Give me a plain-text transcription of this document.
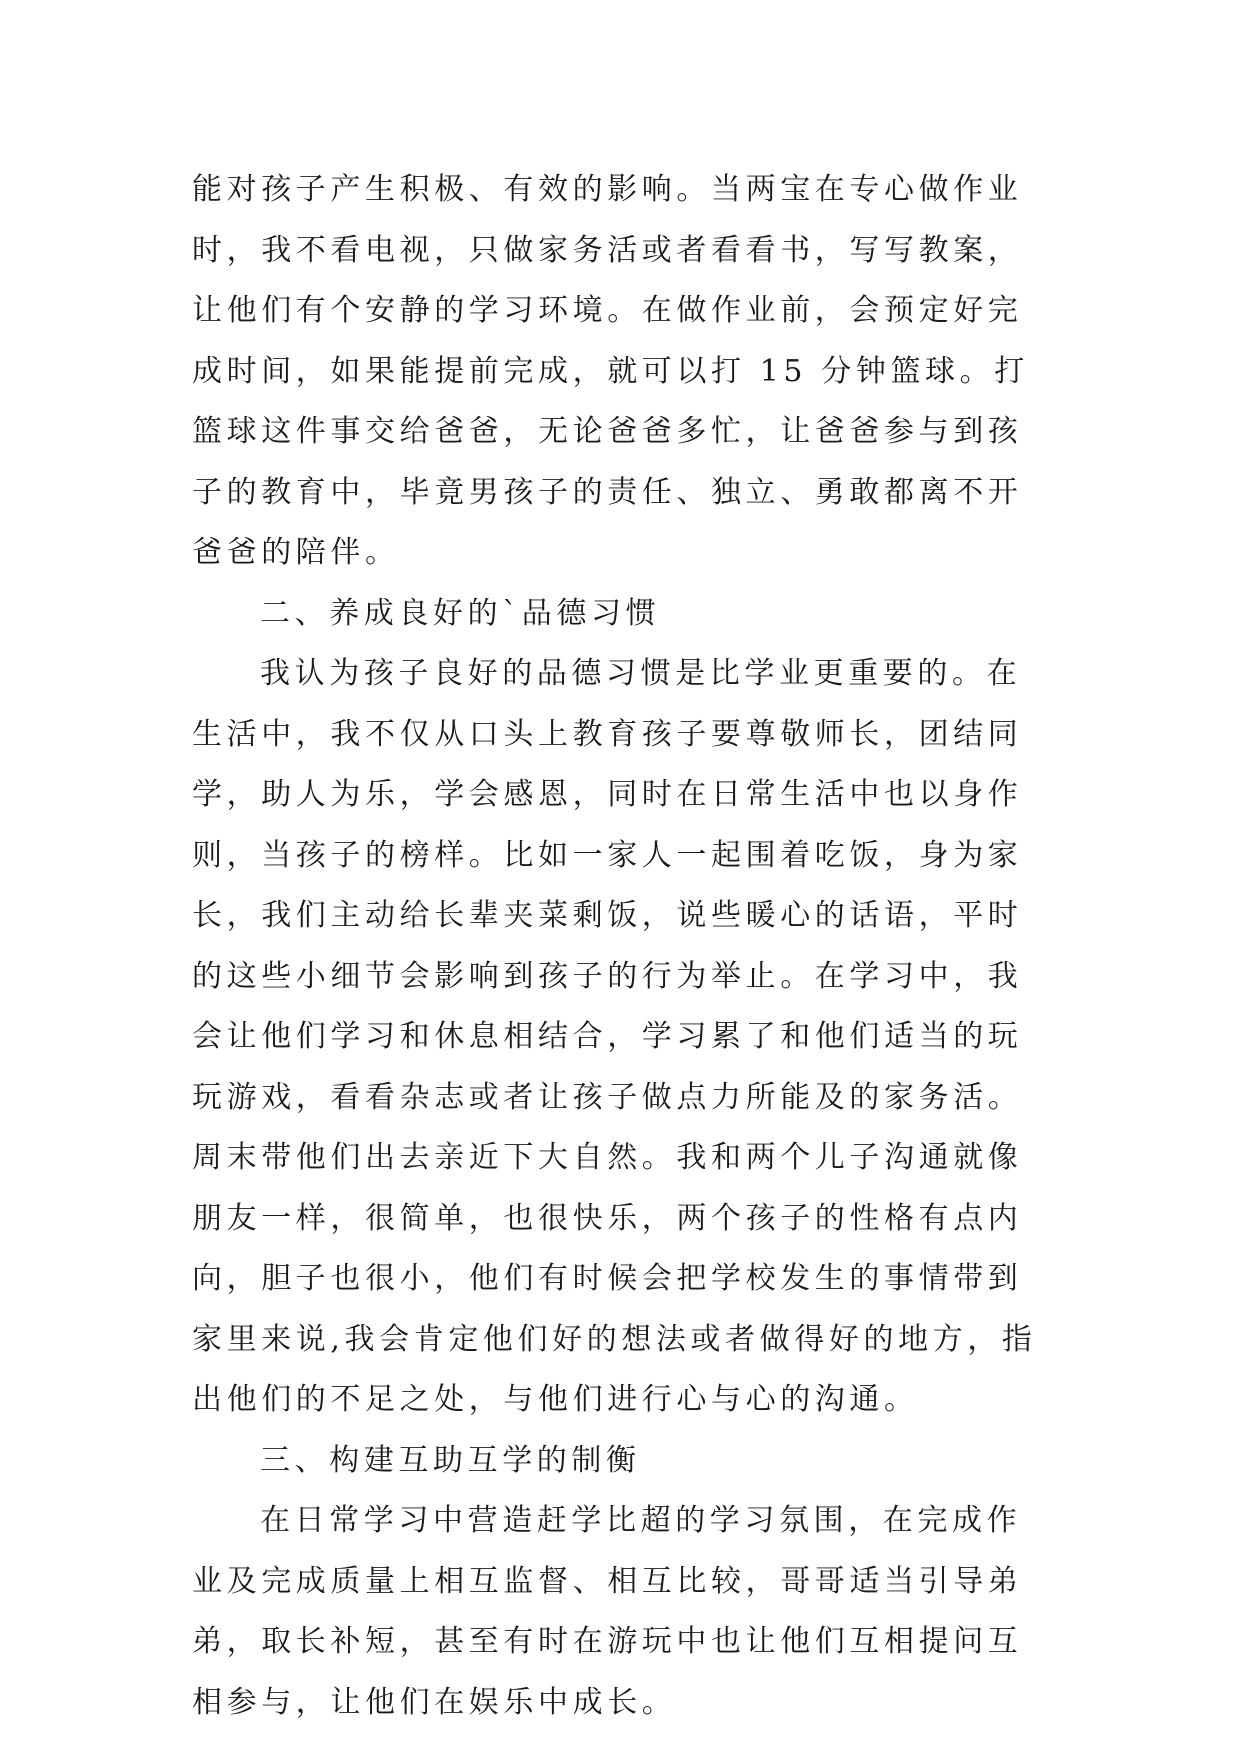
能对孩子产生积极、有效的影响。当两宝在专心做作业时，我不看电视，只做家务活或者看看书，写写教案，让他们有个安静的学习环境。在做作业前，会预定好完成时间，如果能提前完成，就可以打 15 分钟篮球。打篮球这件事交给爸爸，无论爸爸多忙，让爸爸参与到孩子的教育中，毕竟男孩子的责任、独立、勇敢都离不开爸爸的陪伴。

二、养成良好的`品德习惯

我认为孩子良好的品德习惯是比学业更重要的。在生活中，我不仅从口头上教育孩子要尊敬师长，团结同学，助人为乐，学会感恩，同时在日常生活中也以身作则，当孩子的榜样。比如一家人一起围着吃饭，身为家长，我们主动给长辈夹菜剩饭，说些暖心的话语，平时的这些小细节会影响到孩子的行为举止。在学习中，我会让他们学习和休息相结合，学习累了和他们适当的玩玩游戏，看看杂志或者让孩子做点力所能及的家务活。周末带他们出去亲近下大自然。我和两个儿子沟通就像朋友一样，很简单，也很快乐，两个孩子的性格有点内向，胆子也很小，他们有时候会把学校发生的事情带到家里来说,我会肯定他们好的想法或者做得好的地方，指出他们的不足之处，与他们进行心与心的沟通。

三、构建互助互学的制衡

在日常学习中营造赶学比超的学习氛围，在完成作业及完成质量上相互监督、相互比较，哥哥适当引导弟弟，取长补短，甚至有时在游玩中也让他们互相提问互相参与，让他们在娱乐中成长。
